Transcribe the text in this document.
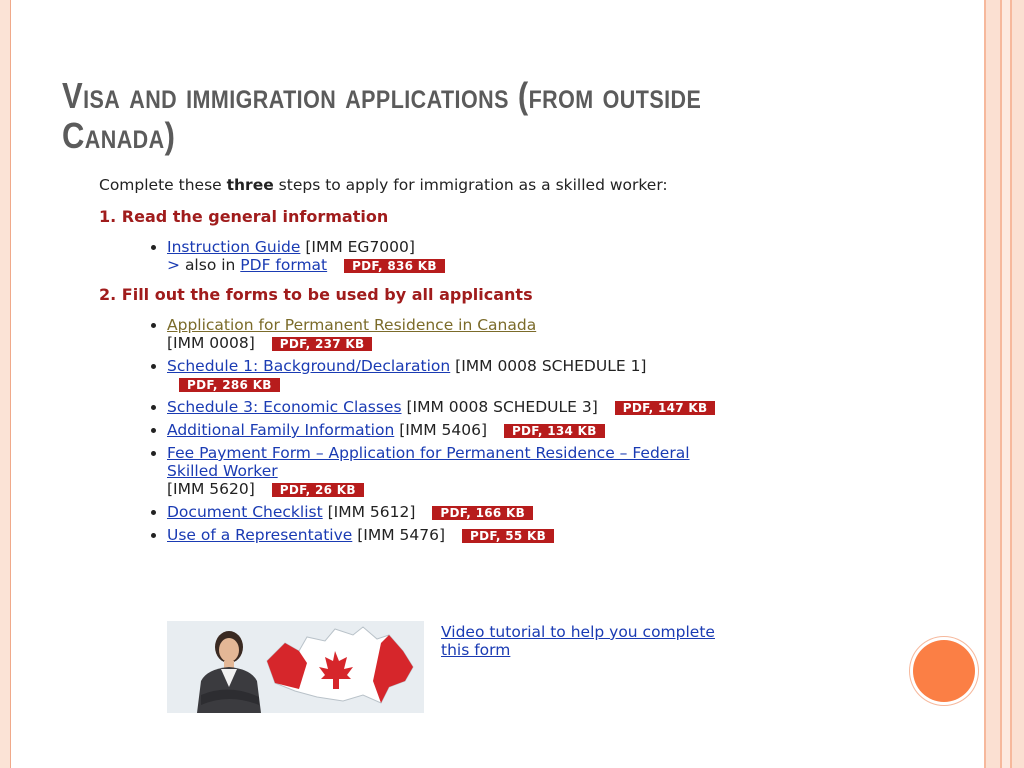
Visa and immigration applications (from outside
Canada)

Complete these three steps to apply for immigration as a skilled worker:

1. Read the general information
• Instruction Guide [IMM EG7000]
> also in PDF format PDF, 836 KB
2. Fill out the forms to be used by all applicants
• Application for Permanent Residence in Canada
[IMM 0008] PDF, 237 KB
• Schedule 1: Background/Declaration [IMM 0008 SCHEDULE 1] PDF, 286 KB
• Schedule 3: Economic Classes [IMM 0008 SCHEDULE 3] PDF, 147 KB
• Additional Family Information [IMM 5406] PDF, 134 KB
• Fee Payment Form – Application for Permanent Residence – Federal Skilled Worker
[IMM 5620] PDF, 26 KB
• Document Checklist [IMM 5612] PDF, 166 KB
• Use of a Representative [IMM 5476] PDF, 55 KB
Video tutorial to help you complete this form
